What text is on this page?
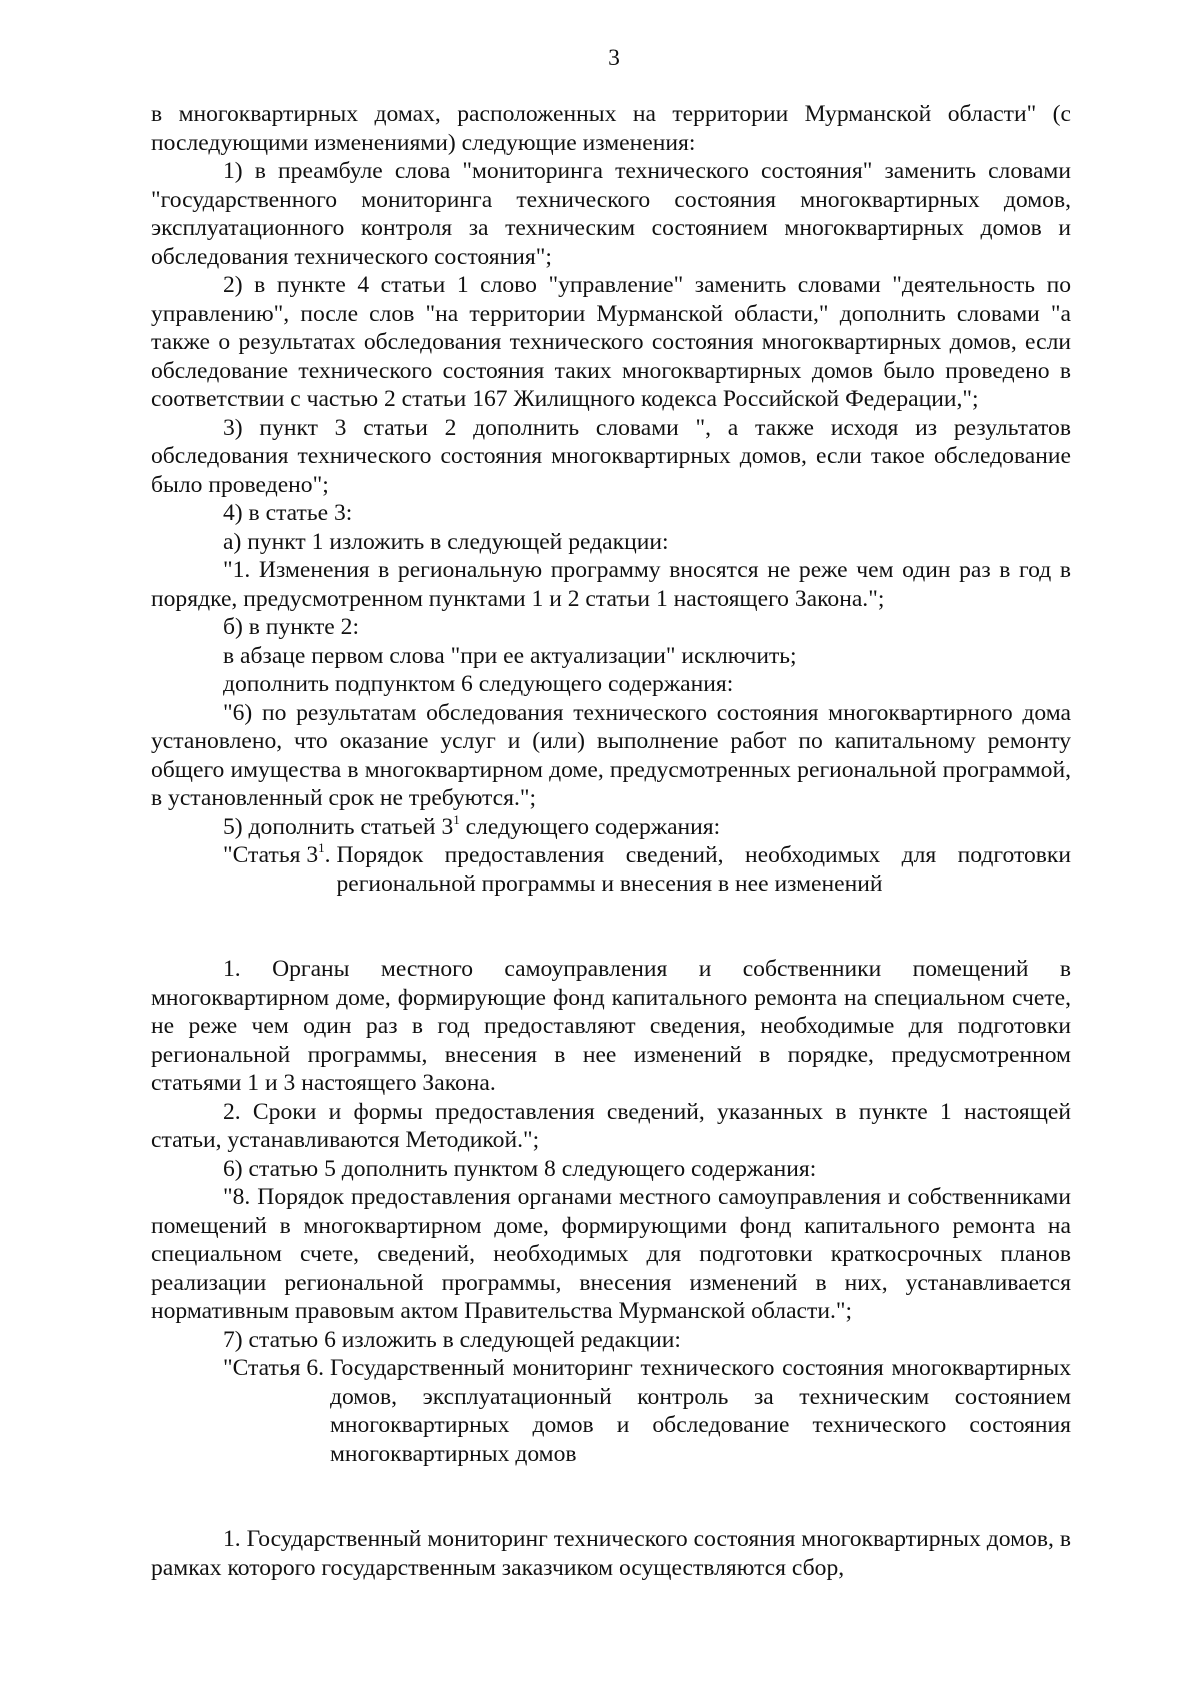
3

в многоквартирных домах, расположенных на территории Мурманской области" (с последующими изменениями) следующие изменения:

1) в преамбуле слова "мониторинга технического состояния" заменить словами "государственного мониторинга технического состояния многоквартирных домов, эксплуатационного контроля за техническим состоянием многоквартирных домов и обследования технического состояния";

2) в пункте 4 статьи 1 слово "управление" заменить словами "деятельность по управлению", после слов "на территории Мурманской области," дополнить словами "а также о результатах обследования технического состояния многоквартирных домов, если обследование технического состояния таких многоквартирных домов было проведено в соответствии с частью 2 статьи 167 Жилищного кодекса Российской Федерации,";

3) пункт 3 статьи 2 дополнить словами ", а также исходя из результатов обследования технического состояния многоквартирных домов, если такое обследование было проведено";

4) в статье 3:

а) пункт 1 изложить в следующей редакции:

"1. Изменения в региональную программу вносятся не реже чем один раз в год в порядке, предусмотренном пунктами 1 и 2 статьи 1 настоящего Закона.";

б) в пункте 2:

в абзаце первом слова "при ее актуализации" исключить;

дополнить подпунктом 6 следующего содержания:

"6) по результатам обследования технического состояния многоквартирного дома установлено, что оказание услуг и (или) выполнение работ по капитальному ремонту общего имущества в многоквартирном доме, предусмотренных региональной программой, в установленный срок не требуются.";

5) дополнить статьей $3^1$ следующего содержания:

"Статья $3^1$. Порядок предоставления сведений, необходимых для подготовки региональной программы и внесения в нее изменений

1. Органы местного самоуправления и собственники помещений в многоквартирном доме, формирующие фонд капитального ремонта на специальном счете, не реже чем один раз в год предоставляют сведения, необходимые для подготовки региональной программы, внесения в нее изменений в порядке, предусмотренном статьями 1 и 3 настоящего Закона.

2. Сроки и формы предоставления сведений, указанных в пункте 1 настоящей статьи, устанавливаются Методикой.";

6) статью 5 дополнить пунктом 8 следующего содержания:

"8. Порядок предоставления органами местного самоуправления и собственниками помещений в многоквартирном доме, формирующими фонд капитального ремонта на специальном счете, сведений, необходимых для подготовки краткосрочных планов реализации региональной программы, внесения изменений в них, устанавливается нормативным правовым актом Правительства Мурманской области.";

7) статью 6 изложить в следующей редакции:

"Статья 6. Государственный мониторинг технического состояния многоквартирных домов, эксплуатационный контроль за техническим состоянием многоквартирных домов и обследование технического состояния многоквартирных домов

1. Государственный мониторинг технического состояния многоквартирных домов, в рамках которого государственным заказчиком осуществляются сбор,
